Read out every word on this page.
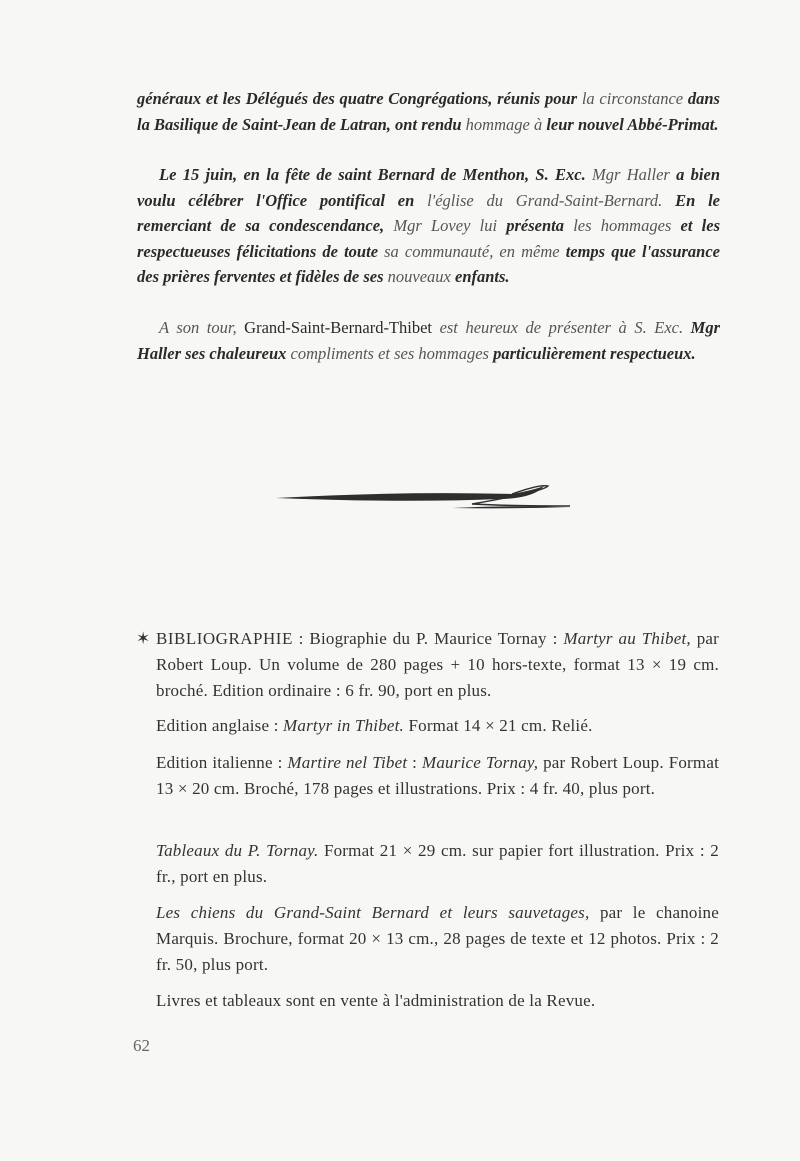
généraux et les Délégués des quatre Congrégations, réunis pour la circonstance dans la Basilique de Saint-Jean de Latran, ont rendu hommage à leur nouvel Abbé-Primat.

Le 15 juin, en la fête de saint Bernard de Menthon, S. Exc. Mgr Haller a bien voulu célébrer l'Office pontifical en l'église du Grand-Saint-Bernard. En le remerciant de sa condescendance, Mgr Lovey lui présenta les hommages et les respectueuses félicitations de toute sa communauté, en même temps que l'assurance des prières ferventes et fidèles de ses nouveaux enfants.

A son tour, Grand-Saint-Bernard-Thibet est heureux de présenter à S. Exc. Mgr Haller ses chaleureux compliments et ses hommages particulièrement respectueux.

✶ BIBLIOGRAPHIE : Biographie du P. Maurice Tornay : Martyr au Thibet, par Robert Loup. Un volume de 280 pages + 10 hors-texte, format 13 × 19 cm. broché. Edition ordinaire : 6 fr. 90, port en plus.

Edition anglaise : Martyr in Thibet. Format 14 × 21 cm. Relié.

Edition italienne : Martire nel Tibet : Maurice Tornay, par Robert Loup. Format 13 × 20 cm. Broché, 178 pages et illustrations. Prix : 4 fr. 40, plus port.

Tableaux du P. Tornay. Format 21 × 29 cm. sur papier fort illustration. Prix : 2 fr., port en plus.

Les chiens du Grand-Saint Bernard et leurs sauvetages, par le chanoine Marquis. Brochure, format 20 × 13 cm., 28 pages de texte et 12 photos. Prix : 2 fr. 50, plus port.

Livres et tableaux sont en vente à l'administration de la Revue.

62
